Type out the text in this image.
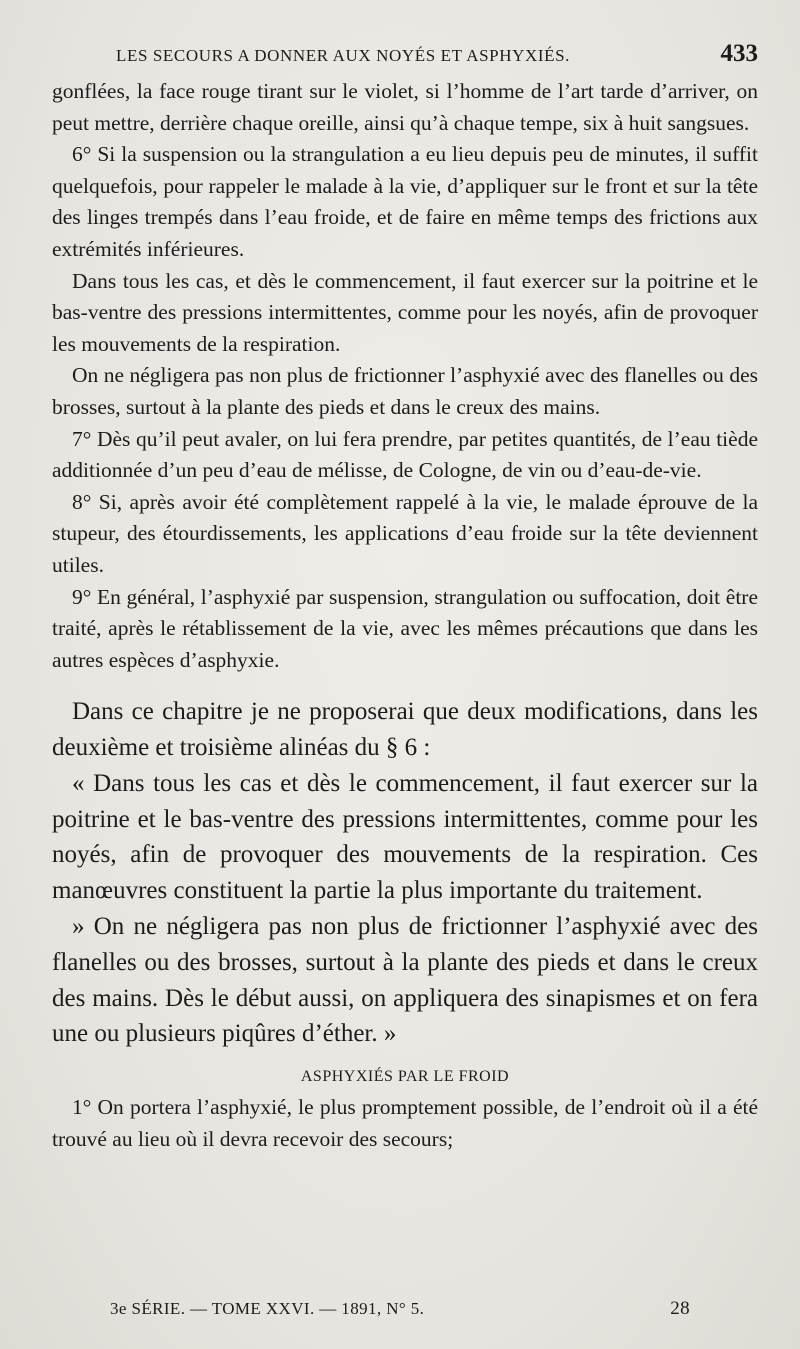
LES SECOURS A DONNER AUX NOYÉS ET ASPHYXIÉS.	433

gonflées, la face rouge tirant sur le violet, si l’homme de l’art tarde d’arriver, on peut mettre, derrière chaque oreille, ainsi qu’à chaque tempe, six à huit sangsues.

6° Si la suspension ou la strangulation a eu lieu depuis peu de minutes, il suffit quelquefois, pour rappeler le malade à la vie, d’appliquer sur le front et sur la tête des linges trempés dans l’eau froide, et de faire en même temps des frictions aux extrémités inférieures.

Dans tous les cas, et dès le commencement, il faut exercer sur la poitrine et le bas-ventre des pressions intermittentes, comme pour les noyés, afin de provoquer les mouvements de la respiration.

On ne négligera pas non plus de frictionner l’asphyxié avec des flanelles ou des brosses, surtout à la plante des pieds et dans le creux des mains.

7° Dès qu’il peut avaler, on lui fera prendre, par petites quantités, de l’eau tiède additionnée d’un peu d’eau de mélisse, de Cologne, de vin ou d’eau-de-vie.

8° Si, après avoir été complètement rappelé à la vie, le malade éprouve de la stupeur, des étourdissements, les applications d’eau froide sur la tête deviennent utiles.

9° En général, l’asphyxié par suspension, strangulation ou suffocation, doit être traité, après le rétablissement de la vie, avec les mêmes précautions que dans les autres espèces d’asphyxie.

Dans ce chapitre je ne proposerai que deux modifications, dans les deuxième et troisième alinéas du § 6 :

« Dans tous les cas et dès le commencement, il faut exercer sur la poitrine et le bas-ventre des pressions intermittentes, comme pour les noyés, afin de provoquer des mouvements de la respiration. Ces manœuvres constituent la partie la plus importante du traitement.

» On ne négligera pas non plus de frictionner l’asphyxié avec des flanelles ou des brosses, surtout à la plante des pieds et dans le creux des mains. Dès le début aussi, on appliquera des sinapismes et on fera une ou plusieurs piqûres d’éther. »

ASPHYXIÉS PAR LE FROID

1° On portera l’asphyxié, le plus promptement possible, de l’endroit où il a été trouvé au lieu où il devra recevoir des secours;

3e SÉRIE. — TOME XXVI. — 1891, N° 5.	28
